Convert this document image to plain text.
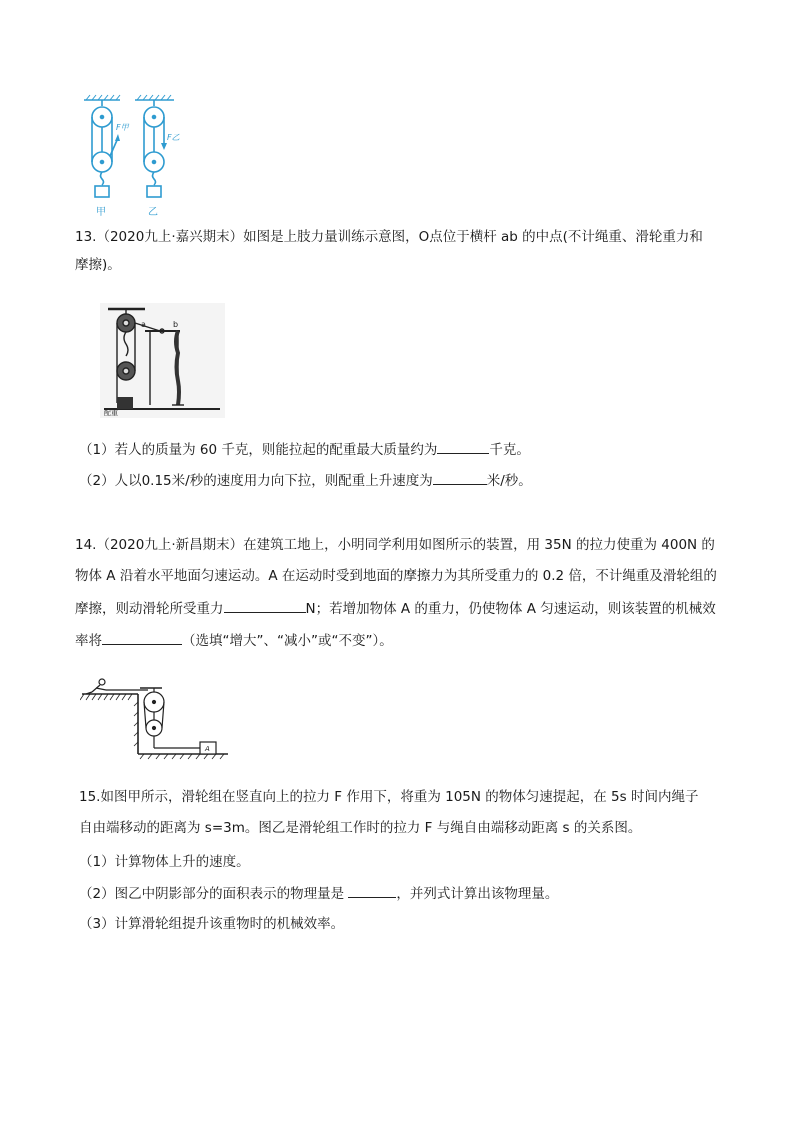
F甲
F乙
甲	乙
13.（2020九上·嘉兴期末）如图是上肢力量训练示意图，O点位于横杆 ab 的中点(不计绳重、滑轮重力和
摩擦)。
a	b
配重
（1）若人的质量为 60 千克，则能拉起的配重最大质量约为	千克。
（2）人以0.15米/秒的速度用力向下拉，则配重上升速度为	米/秒。
14.（2020九上·新昌期末）在建筑工地上，小明同学利用如图所示的装置，用 35N 的拉力使重为 400N 的
物体 A 沿着水平地面匀速运动。A 在运动时受到地面的摩擦力为其所受重力的 0.2 倍，不计绳重及滑轮组的
摩擦，则动滑轮所受重力	N；若增加物体 A 的重力，仍使物体 A 匀速运动，则该装置的机械效
率将	（选填“增大”、“减小”或“不变”）。
A
15.如图甲所示，滑轮组在竖直向上的拉力 F 作用下，将重为 105N 的物体匀速提起，在 5s 时间内绳子
自由端移动的距离为 s=3m。图乙是滑轮组工作时的拉力 F 与绳自由端移动距离 s 的关系图。
（1）计算物体上升的速度。
（2）图乙中阴影部分的面积表示的物理量是	，并列式计算出该物理量。
（3）计算滑轮组提升该重物时的机械效率。
